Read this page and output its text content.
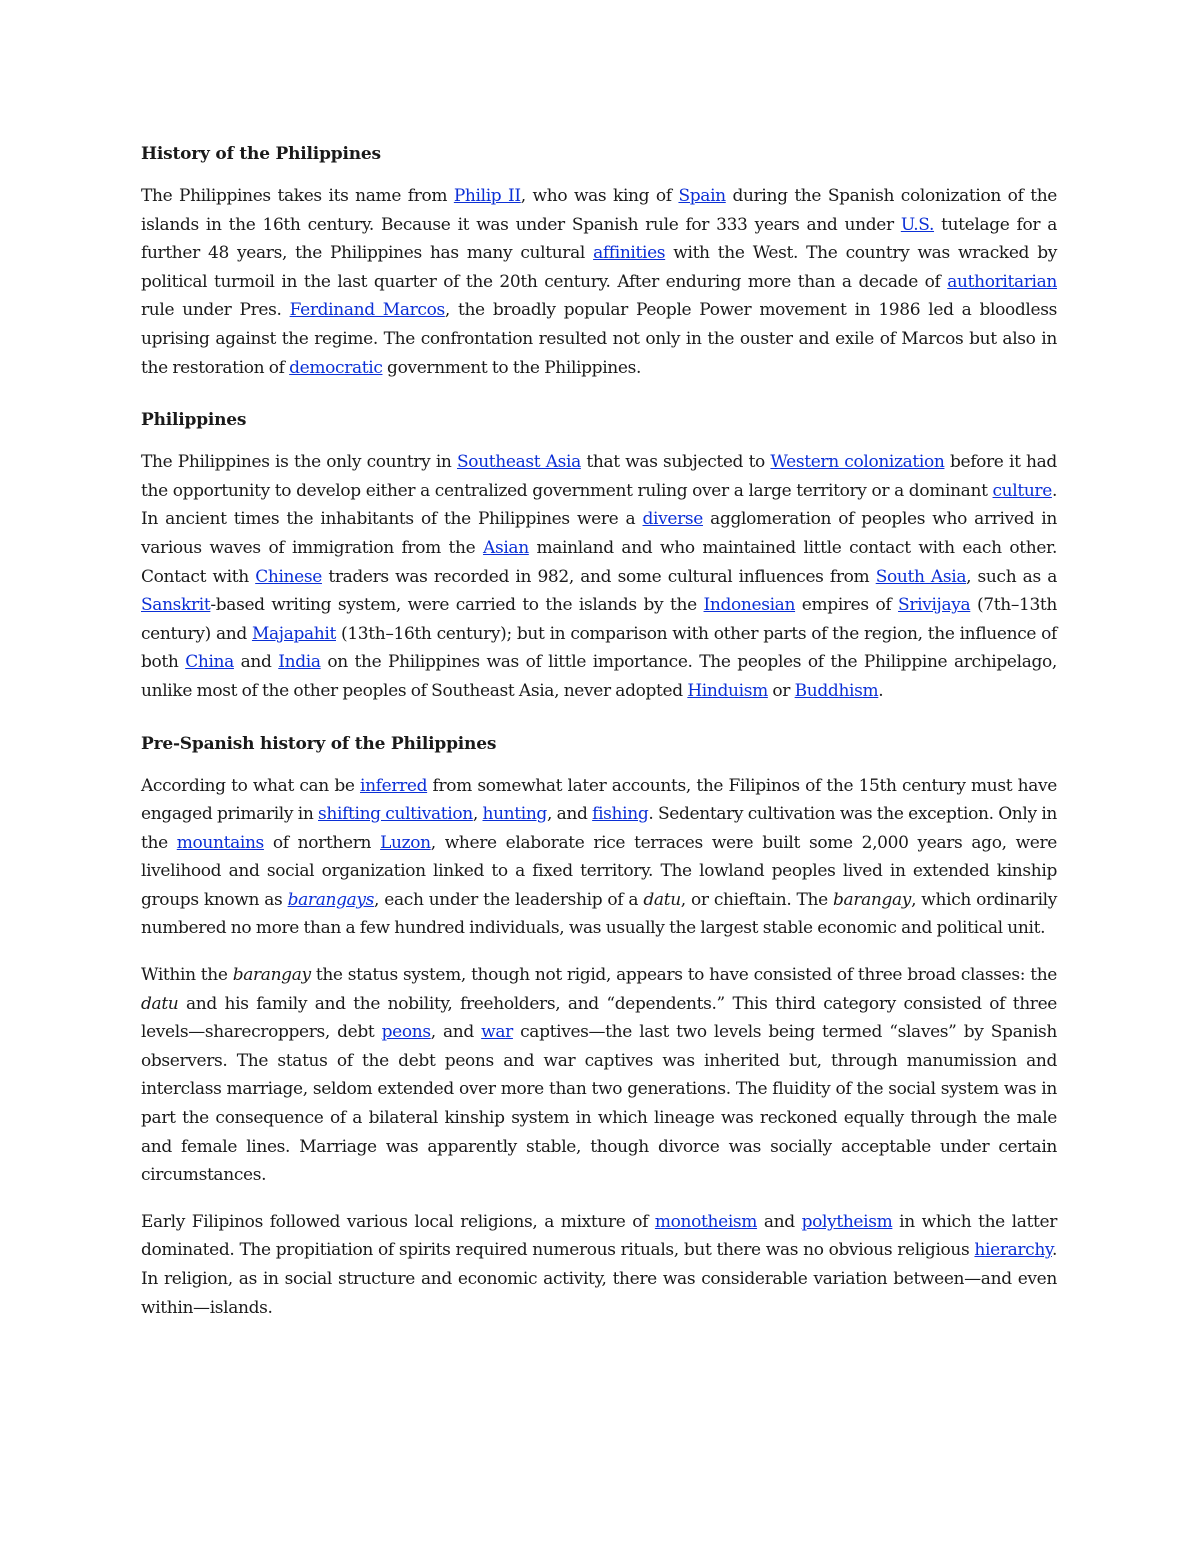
History of the Philippines

The Philippines takes its name from Philip II, who was king of Spain during the Spanish colonization of the islands in the 16th century. Because it was under Spanish rule for 333 years and under U.S. tutelage for a further 48 years, the Philippines has many cultural affinities with the West. The country was wracked by political turmoil in the last quarter of the 20th century. After enduring more than a decade of authoritarian rule under Pres. Ferdinand Marcos, the broadly popular People Power movement in 1986 led a bloodless uprising against the regime. The confrontation resulted not only in the ouster and exile of Marcos but also in the restoration of democratic government to the Philippines.

Philippines

The Philippines is the only country in Southeast Asia that was subjected to Western colonization before it had the opportunity to develop either a centralized government ruling over a large territory or a dominant culture. In ancient times the inhabitants of the Philippines were a diverse agglomeration of peoples who arrived in various waves of immigration from the Asian mainland and who maintained little contact with each other. Contact with Chinese traders was recorded in 982, and some cultural influences from South Asia, such as a Sanskrit-based writing system, were carried to the islands by the Indonesian empires of Srivijaya (7th–13th century) and Majapahit (13th–16th century); but in comparison with other parts of the region, the influence of both China and India on the Philippines was of little importance. The peoples of the Philippine archipelago, unlike most of the other peoples of Southeast Asia, never adopted Hinduism or Buddhism.

Pre-Spanish history of the Philippines

According to what can be inferred from somewhat later accounts, the Filipinos of the 15th century must have engaged primarily in shifting cultivation, hunting, and fishing. Sedentary cultivation was the exception. Only in the mountains of northern Luzon, where elaborate rice terraces were built some 2,000 years ago, were livelihood and social organization linked to a fixed territory. The lowland peoples lived in extended kinship groups known as barangays, each under the leadership of a datu, or chieftain. The barangay, which ordinarily numbered no more than a few hundred individuals, was usually the largest stable economic and political unit.

Within the barangay the status system, though not rigid, appears to have consisted of three broad classes: the datu and his family and the nobility, freeholders, and “dependents.” This third category consisted of three levels—sharecroppers, debt peons, and war captives—the last two levels being termed “slaves” by Spanish observers. The status of the debt peons and war captives was inherited but, through manumission and interclass marriage, seldom extended over more than two generations. The fluidity of the social system was in part the consequence of a bilateral kinship system in which lineage was reckoned equally through the male and female lines. Marriage was apparently stable, though divorce was socially acceptable under certain circumstances.

Early Filipinos followed various local religions, a mixture of monotheism and polytheism in which the latter dominated. The propitiation of spirits required numerous rituals, but there was no obvious religious hierarchy. In religion, as in social structure and economic activity, there was considerable variation between—and even within—islands.
